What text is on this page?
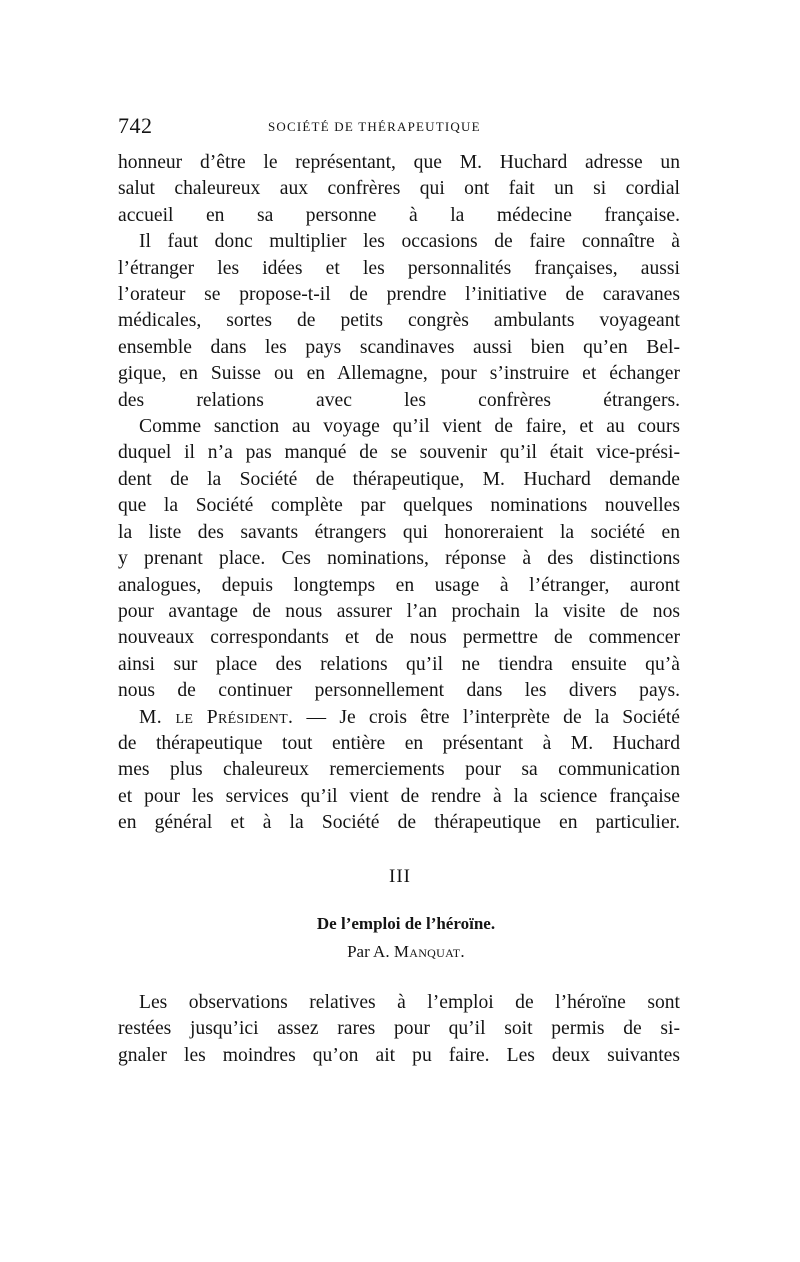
742	SOCIÉTÉ DE THÉRAPEUTIQUE

honneur d’être le représentant, que M. Huchard adresse un
salut chaleureux aux confrères qui ont fait un si cordial
accueil en sa personne à la médecine française.

Il faut donc multiplier les occasions de faire connaître à
l’étranger les idées et les personnalités françaises, aussi
l’orateur se propose-t-il de prendre l’initiative de caravanes
médicales, sortes de petits congrès ambulants voyageant
ensemble dans les pays scandinaves aussi bien qu’en Bel-
gique, en Suisse ou en Allemagne, pour s’instruire et échanger
des relations avec les confrères étrangers.

Comme sanction au voyage qu’il vient de faire, et au cours
duquel il n’a pas manqué de se souvenir qu’il était vice-prési-
dent de la Société de thérapeutique, M. Huchard demande
que la Société complète par quelques nominations nouvelles
la liste des savants étrangers qui honoreraient la société en
y prenant place. Ces nominations, réponse à des distinctions
analogues, depuis longtemps en usage à l’étranger, auront
pour avantage de nous assurer l’an prochain la visite de nos
nouveaux correspondants et de nous permettre de commencer
ainsi sur place des relations qu’il ne tiendra ensuite qu’à
nous de continuer personnellement dans les divers pays.

M. le Président. — Je crois être l’interprète de la Société
de thérapeutique tout entière en présentant à M. Huchard
mes plus chaleureux remerciements pour sa communication
et pour les services qu’il vient de rendre à la science française
en général et à la Société de thérapeutique en particulier.

III
De l’emploi de l’héroïne.
Par A. Manquat.

Les observations relatives à l’emploi de l’héroïne sont
restées jusqu’ici assez rares pour qu’il soit permis de si-
gnaler les moindres qu’on ait pu faire. Les deux suivantes
